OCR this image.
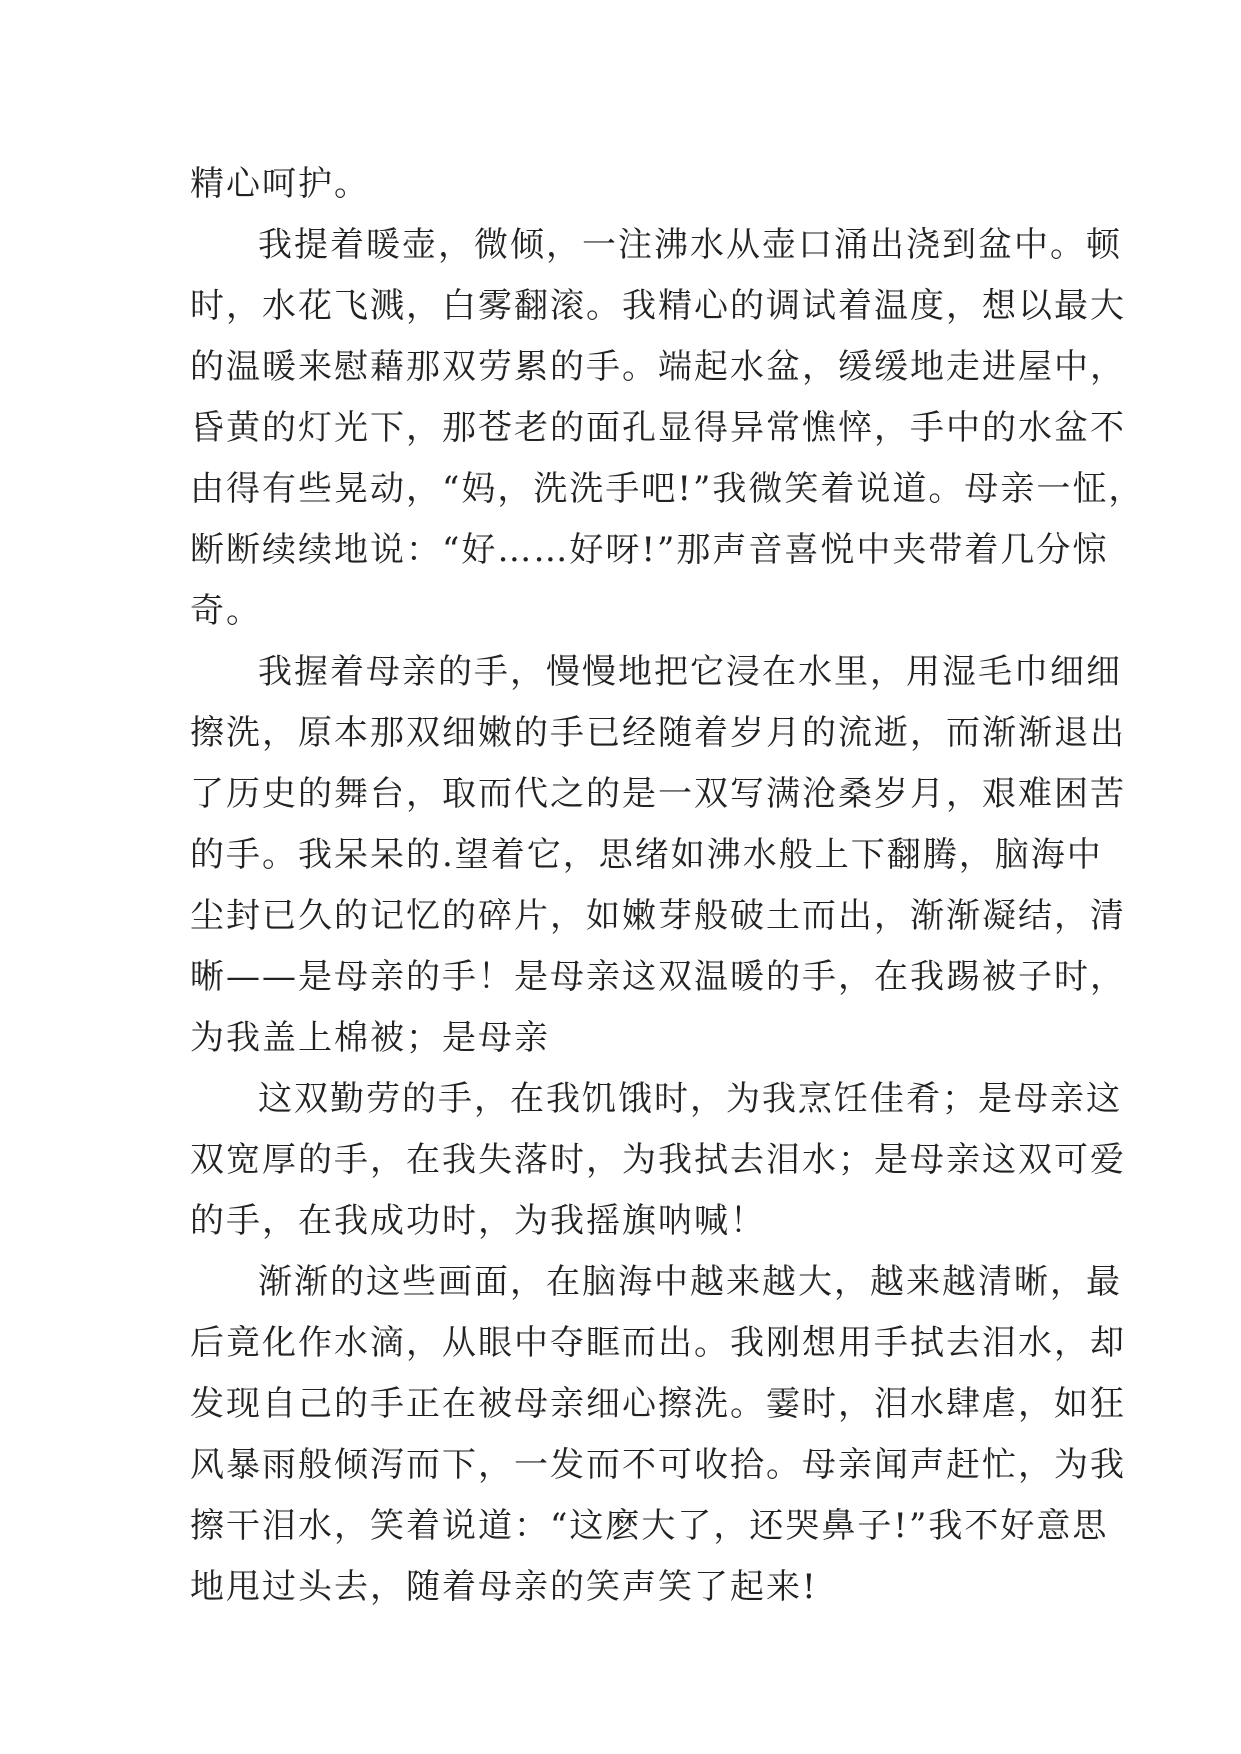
精心呵护。
我提着暖壶，微倾，一注沸水从壶口涌出浇到盆中。顿
时，水花飞溅，白雾翻滚。我精心的调试着温度，想以最大
的温暖来慰藉那双劳累的手。端起水盆，缓缓地走进屋中，
昏黄的灯光下，那苍老的面孔显得异常憔悴，手中的水盆不
由得有些晃动，“妈，洗洗手吧!”我微笑着说道。母亲一怔，
断断续续地说：“好……好呀!”那声音喜悦中夹带着几分惊
奇。
我握着母亲的手，慢慢地把它浸在水里，用湿毛巾细细
擦洗，原本那双细嫩的手已经随着岁月的流逝，而渐渐退出
了历史的舞台，取而代之的是一双写满沧桑岁月，艰难困苦
的手。我呆呆的.望着它，思绪如沸水般上下翻腾，脑海中
尘封已久的记忆的碎片，如嫩芽般破土而出，渐渐凝结，清
晰——是母亲的手！是母亲这双温暖的手，在我踢被子时，
为我盖上棉被；是母亲
这双勤劳的手，在我饥饿时，为我烹饪佳肴；是母亲这
双宽厚的手，在我失落时，为我拭去泪水；是母亲这双可爱
的手，在我成功时，为我摇旗呐喊！
渐渐的这些画面，在脑海中越来越大，越来越清晰，最
后竟化作水滴，从眼中夺眶而出。我刚想用手拭去泪水，却
发现自己的手正在被母亲细心擦洗。霎时，泪水肆虐，如狂
风暴雨般倾泻而下，一发而不可收拾。母亲闻声赶忙，为我
擦干泪水，笑着说道：“这麽大了，还哭鼻子!”我不好意思
地甩过头去，随着母亲的笑声笑了起来!
